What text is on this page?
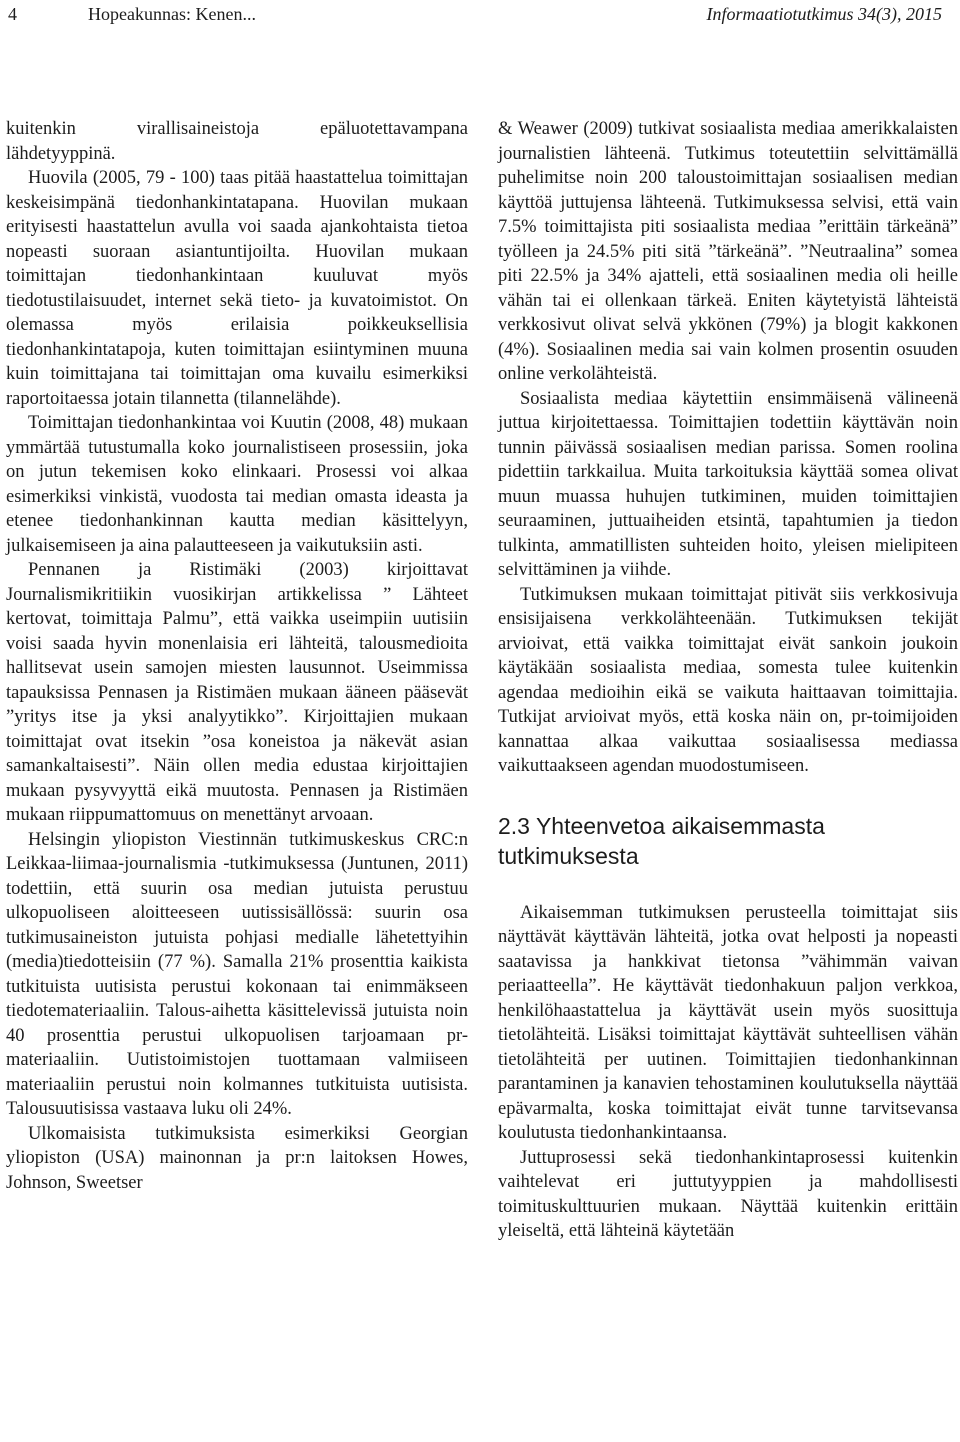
4	Hopeakunnas: Kenen...	Informaatiotutkimus 34(3), 2015

kuitenkin virallisaineistoja epäluotettavampana lähdetyyppinä.

Huovila (2005, 79 - 100) taas pitää haastattelua toimittajan keskeisimpänä tiedonhankintatapana. Huovilan mukaan erityisesti haastattelun avulla voi saada ajankohtaista tietoa nopeasti suoraan asiantuntijoilta. Huovilan mukaan toimittajan tiedonhankintaan kuuluvat myös tiedotustilaisuudet, internet sekä tieto- ja kuvatoimistot. On olemassa myös erilaisia poikkeuksellisia tiedonhankintatapoja, kuten toimittajan esiintyminen muuna kuin toimittajana tai toimittajan oma kuvailu esimerkiksi raportoitaessa jotain tilannetta (tilannelähde).

Toimittajan tiedonhankintaa voi Kuutin (2008, 48) mukaan ymmärtää tutustumalla koko journalistiseen prosessiin, joka on jutun tekemisen koko elinkaari. Prosessi voi alkaa esimerkiksi vinkistä, vuodosta tai median omasta ideasta ja etenee tiedonhankinnan kautta median käsittelyyn, julkaisemiseen ja aina palautteeseen ja vaikutuksiin asti.

Pennanen ja Ristimäki (2003) kirjoittavat Journalismikritiikin vuosikirjan artikkelissa ” Lähteet kertovat, toimittaja Palmu”, että vaikka useimpiin uutisiin voisi saada hyvin monenlaisia eri lähteitä, talousmedioita hallitsevat usein samojen miesten lausunnot. Useimmissa tapauksissa Pennasen ja Ristimäen mukaan ääneen pääsevät ”yritys itse ja yksi analyytikko”. Kirjoittajien mukaan toimittajat ovat itsekin ”osa koneistoa ja näkevät asian samankaltaisesti”. Näin ollen media edustaa kirjoittajien mukaan pysyvyyttä eikä muutosta. Pennasen ja Ristimäen mukaan riippumattomuus on menettänyt arvoaan.

Helsingin yliopiston Viestinnän tutkimuskeskus CRC:n Leikkaa-liimaa-journalismia -tutkimuksessa (Juntunen, 2011) todettiin, että suurin osa median jutuista perustuu ulkopuoliseen aloitteeseen uutissisällössä: suurin osa tutkimusaineiston jutuista pohjasi medialle lähetettyihin (media)tiedotteisiin (77 %). Samalla 21% prosenttia kaikista tutkituista uutisista perustui kokonaan tai enimmäkseen tiedotemateriaaliin. Talous-aihetta käsittelevissä jutuista noin 40 prosenttia perustui ulkopuolisen tarjoamaan pr-materiaaliin. Uutistoimistojen tuottamaan valmiiseen materiaaliin perustui noin kolmannes tutkituista uutisista. Talousuutisissa vastaava luku oli 24%.

Ulkomaisista tutkimuksista esimerkiksi Georgian yliopiston (USA) mainonnan ja pr:n laitoksen Howes, Johnson, Sweetser

& Weawer (2009) tutkivat sosiaalista mediaa amerikkalaisten journalistien lähteenä. Tutkimus toteutettiin selvittämällä puhelimitse noin 200 taloustoimittajan sosiaalisen median käyttöä juttujensa lähteenä. Tutkimuksessa selvisi, että vain 7.5% toimittajista piti sosiaalista mediaa ”erittäin tärkeänä” työlleen ja 24.5% piti sitä ”tärkeänä”. ”Neutraalina” somea piti 22.5% ja 34% ajatteli, että sosiaalinen media oli heille vähän tai ei ollenkaan tärkeä. Eniten käytetyistä lähteistä verkkosivut olivat selvä ykkönen (79%) ja blogit kakkonen (4%). Sosiaalinen media sai vain kolmen prosentin osuuden online verkolähteistä.

Sosiaalista mediaa käytettiin ensimmäisenä välineenä juttua kirjoitettaessa. Toimittajien todettiin käyttävän noin tunnin päivässä sosiaalisen median parissa. Somen roolina pidettiin tarkkailua. Muita tarkoituksia käyttää somea olivat muun muassa huhujen tutkiminen, muiden toimittajien seuraaminen, juttuaiheiden etsintä, tapahtumien ja tiedon tulkinta, ammatillisten suhteiden hoito, yleisen mielipiteen selvittäminen ja viihde.

Tutkimuksen mukaan toimittajat pitivät siis verkkosivuja ensisijaisena verkkolähteenään. Tutkimuksen tekijät arvioivat, että vaikka toimittajat eivät sankoin joukoin käytäkään sosiaalista mediaa, somesta tulee kuitenkin agendaa medioihin eikä se vaikuta haittaavan toimittajia. Tutkijat arvioivat myös, että koska näin on, pr-toimijoiden kannattaa alkaa vaikuttaa sosiaalisessa mediassa vaikuttaakseen agendan muodostumiseen.

2.3 Yhteenvetoa aikaisemmasta tutkimuksesta

Aikaisemman tutkimuksen perusteella toimittajat siis näyttävät käyttävän lähteitä, jotka ovat helposti ja nopeasti saatavissa ja hankkivat tietonsa ”vähimmän vaivan periaatteella”. He käyttävät tiedonhakuun paljon verkkoa, henkilöhaastattelua ja käyttävät usein myös suosittuja tietolähteitä. Lisäksi toimittajat käyttävät suhteellisen vähän tietolähteitä per uutinen. Toimittajien tiedonhankinnan parantaminen ja kanavien tehostaminen koulutuksella näyttää epävarmalta, koska toimittajat eivät tunne tarvitsevansa koulutusta tiedonhankintaansa.

Juttuprosessi sekä tiedonhankintaprosessi kuitenkin vaihtelevat eri juttutyyppien ja mahdollisesti toimituskulttuurien mukaan. Näyttää kuitenkin erittäin yleiseltä, että lähteinä käytetään
